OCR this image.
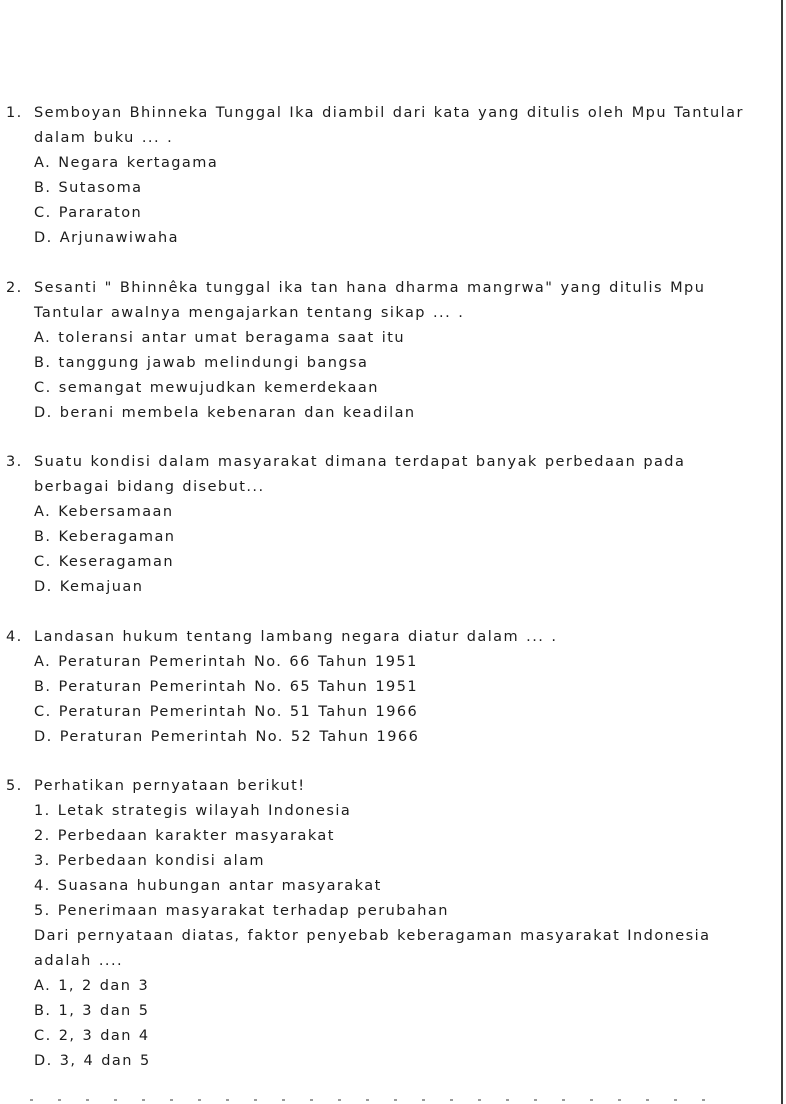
1. Semboyan Bhinneka Tunggal Ika diambil dari kata yang ditulis oleh Mpu Tantular
dalam buku ... .
A. Negara kertagama
B. Sutasoma
C. Pararaton
D. Arjunawiwaha
2. Sesanti " Bhinnêka tunggal ika tan hana dharma mangrwa" yang ditulis Mpu
Tantular awalnya mengajarkan tentang sikap ... .
A. toleransi antar umat beragama saat itu
B. tanggung jawab melindungi bangsa
C. semangat mewujudkan kemerdekaan
D. berani membela kebenaran dan keadilan
3. Suatu kondisi dalam masyarakat dimana terdapat banyak perbedaan pada
berbagai bidang disebut...
A. Kebersamaan
B. Keberagaman
C. Keseragaman
D. Kemajuan
4. Landasan hukum tentang lambang negara diatur dalam ... .
A. Peraturan Pemerintah No. 66 Tahun 1951
B. Peraturan Pemerintah No. 65 Tahun 1951
C. Peraturan Pemerintah No. 51 Tahun 1966
D. Peraturan Pemerintah No. 52 Tahun 1966
5. Perhatikan pernyataan berikut!
1. Letak strategis wilayah Indonesia
2. Perbedaan karakter masyarakat
3. Perbedaan kondisi alam
4. Suasana hubungan antar masyarakat
5. Penerimaan masyarakat terhadap perubahan
Dari pernyataan diatas, faktor penyebab keberagaman masyarakat Indonesia
adalah ....
A. 1, 2 dan 3
B. 1, 3 dan 5
C. 2, 3 dan 4
D. 3, 4 dan 5
